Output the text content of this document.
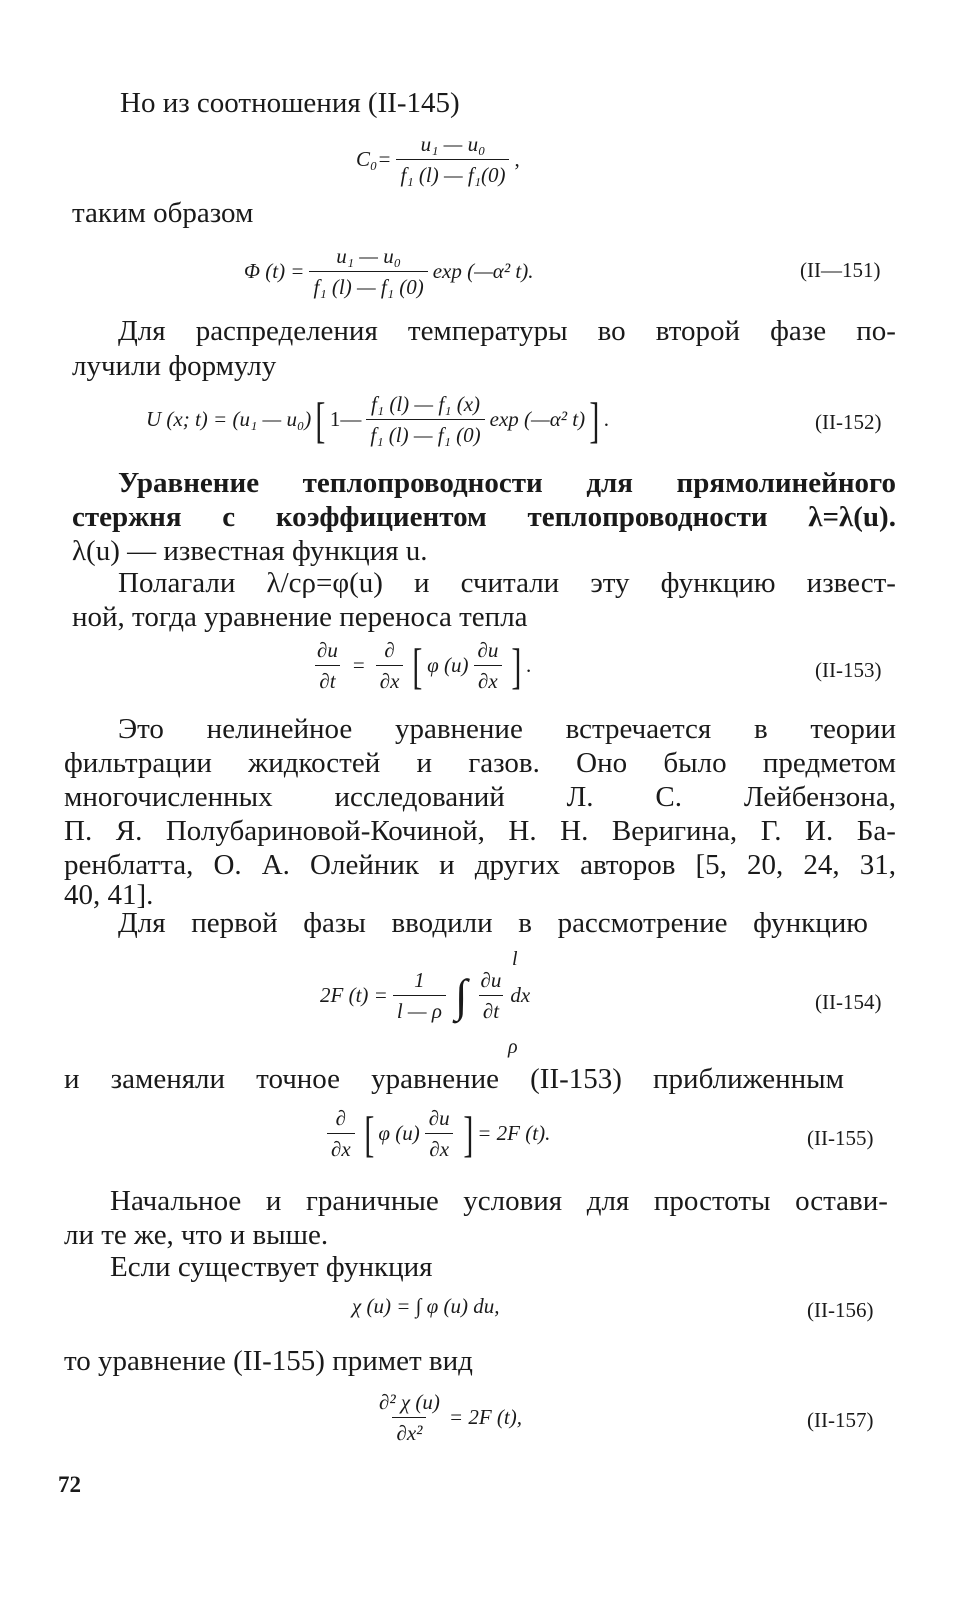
Но из соотношения (II-145)
$C_0= \frac{\text{u₁ — u₀}}{\text{f₁ (l) — f₁(0)}}$ ,
таким образом
Φ $(t) = \frac{\text{u₁ — u₀}}{\text{f₁ (l) — f₁ (0)}}$ exp (—α² t).	(II—151)
Для распределения температуры во второй фазе по-
лучили формулу
U (x; t) = (u₁ — u₀) [ 1— $\frac{\text{f₁ (l) — f₁ (x)}}{\text{f₁ (l) — f₁ (0)}}$ exp (—α² t) ] .	(II-152)
Уравнение теплопроводности для прямолинейного
стержня с коэффициентом теплопроводности λ=λ(u).
λ(u) — известная функция u.
Полагали λ/cρ=φ(u) и считали эту функцию извест-
ной, тогда уравнение переноса тепла
$\frac{\partial u}{\partial t} = \frac{\partial}{\partial x}$ [ φ $(u) \frac{\partial u}{\partial x}$ ] .	(II-153)
Это нелинейное уравнение встречается в теории
фильтрации жидкостей и газов. Оно было предметом
многочисленных исследований Л. С. Лейбензона,
П. Я. Полубариновой-Кочиной, Н. Н. Веригина, Г. И. Ба-
ренблатта, О. А. Олейник и других авторов [5, 20, 24, 31,
40, 41].
Для первой фазы вводили в рассмотрение функцию
2F $(t) = \frac{1}{l — \rho}$ ∫ $\frac{\partial u}{\partial t}$ dx
l
ρ
(II-154)
и заменяли точное уравнение (II-153) приближенным
$\frac{\partial}{\partial x}$ [ φ $(u) \frac{\partial u}{\partial x}$ ] = 2F (t).	(II-155)
Начальное и граничные условия для простоты остави-
ли те же, что и выше.
Если существует функция
χ (u) = ∫ φ (u) du,	(II-156)
то уравнение (II-155) примет вид
$\frac{\text{∂² χ (u)}}{\text{∂x²}} = 2F$ (t),	(II-157)
72
